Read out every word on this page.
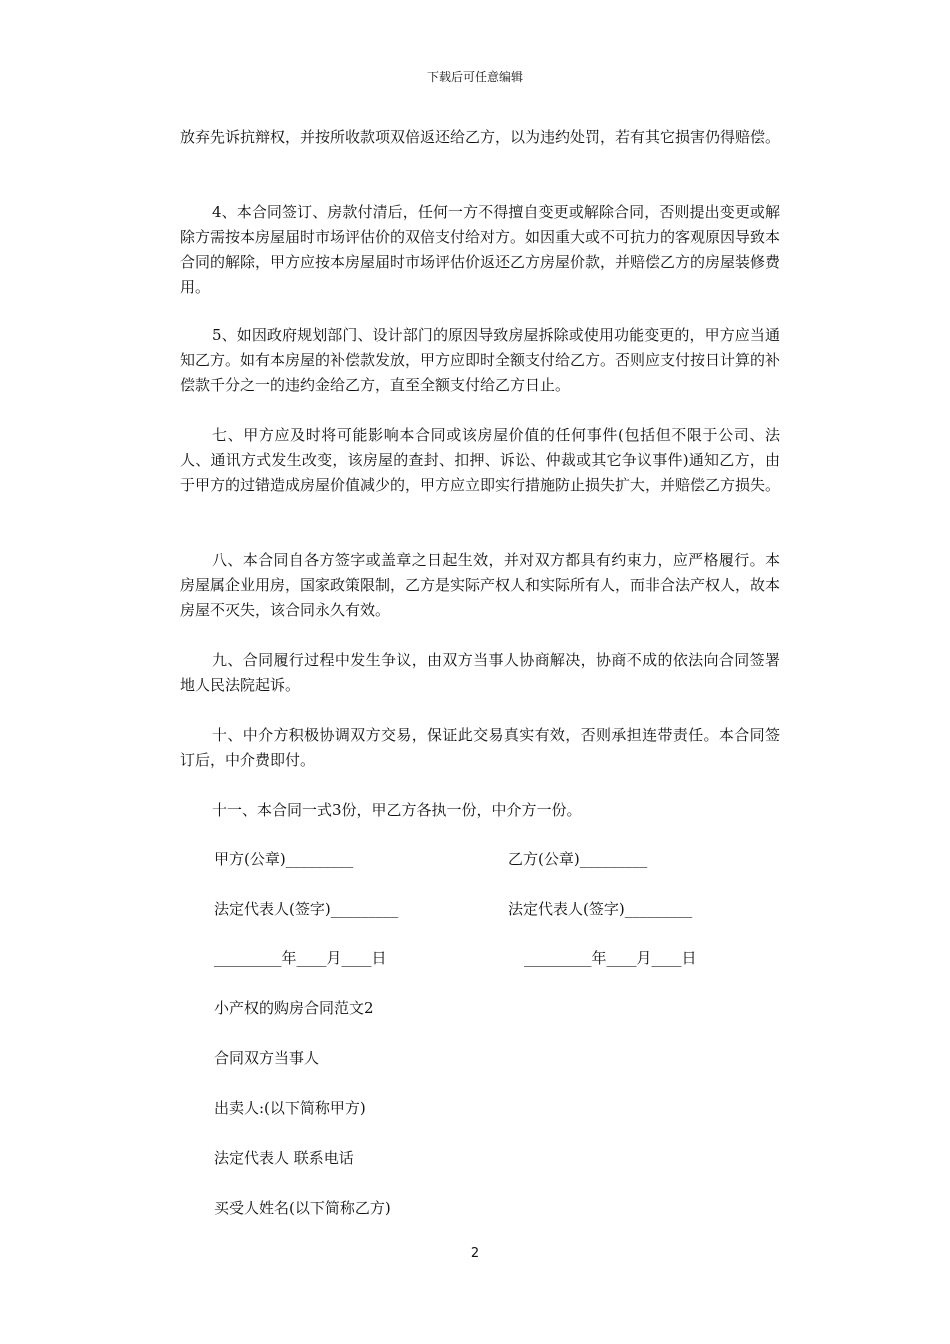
下载后可任意编辑

放弃先诉抗辩权，并按所收款项双倍返还给乙方，以为违约处罚，若有其它损害仍得赔偿。

4、本合同签订、房款付清后，任何一方不得擅自变更或解除合同，否则提出变更或解除方需按本房屋届时市场评估价的双倍支付给对方。如因重大或不可抗力的客观原因导致本合同的解除，甲方应按本房屋届时市场评估价返还乙方房屋价款，并赔偿乙方的房屋装修费用。

5、如因政府规划部门、设计部门的原因导致房屋拆除或使用功能变更的，甲方应当通知乙方。如有本房屋的补偿款发放，甲方应即时全额支付给乙方。否则应支付按日计算的补偿款千分之一的违约金给乙方，直至全额支付给乙方日止。

七、甲方应及时将可能影响本合同或该房屋价值的任何事件(包括但不限于公司、法人、通讯方式发生改变，该房屋的查封、扣押、诉讼、仲裁或其它争议事件)通知乙方，由于甲方的过错造成房屋价值减少的，甲方应立即实行措施防止损失扩大，并赔偿乙方损失。

八、本合同自各方签字或盖章之日起生效，并对双方都具有约束力，应严格履行。本房屋属企业用房，国家政策限制，乙方是实际产权人和实际所有人，而非合法产权人，故本房屋不灭失，该合同永久有效。

九、合同履行过程中发生争议，由双方当事人协商解决，协商不成的依法向合同签署地人民法院起诉。

十、中介方积极协调双方交易，保证此交易真实有效，否则承担连带责任。本合同签订后，中介费即付。

十一、本合同一式3份，甲乙方各执一份，中介方一份。

甲方(公章)_________	乙方(公章)_________

法定代表人(签字)_________	法定代表人(签字)_________

_________年____月____日	_________年____月____日

小产权的购房合同范文2

合同双方当事人

出卖人:(以下简称甲方)

法定代表人 联系电话

买受人姓名(以下简称乙方)

2
